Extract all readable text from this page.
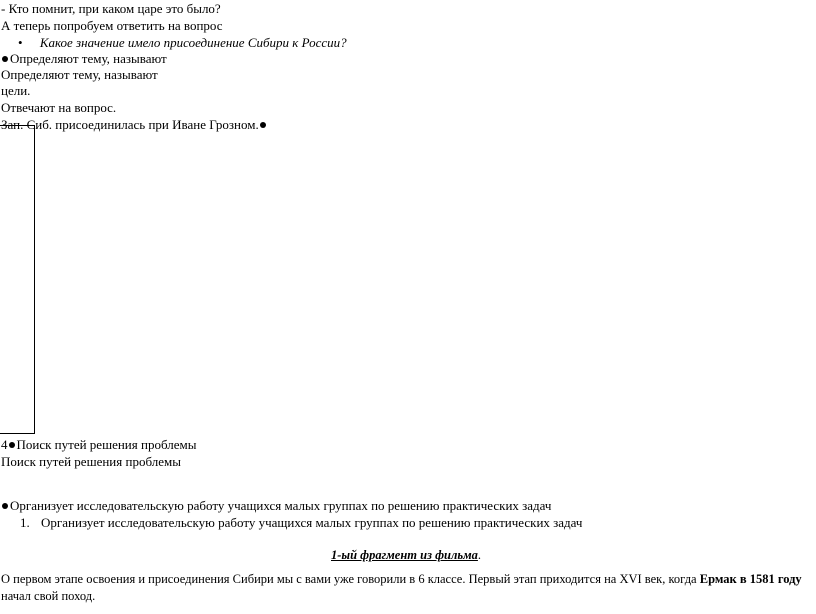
- Кто помнит, при каком царе это было?
А теперь попробуем ответить на вопрос
• Какое значение имело присоединение Сибири к России?
Определяют тему, называют
Определяют тему, называют
цели.
Отвечают на вопрос.
Зап. Сиб. присоединилась при Иване Грозном.
4 Поиск путей решения проблемы
Поиск путей решения проблемы
Организует исследовательскую работу учащихся малых группах по решению практических задач
1. Организует исследовательскую работу учащихся малых группах по решению практических задач
1-ый фрагмент из фильма.
О первом этапе освоения и присоединения Сибири мы с вами уже говорили в 6 классе. Первый этап приходится на XVI век, когда Ермак в 1581 году начал свой поход.
